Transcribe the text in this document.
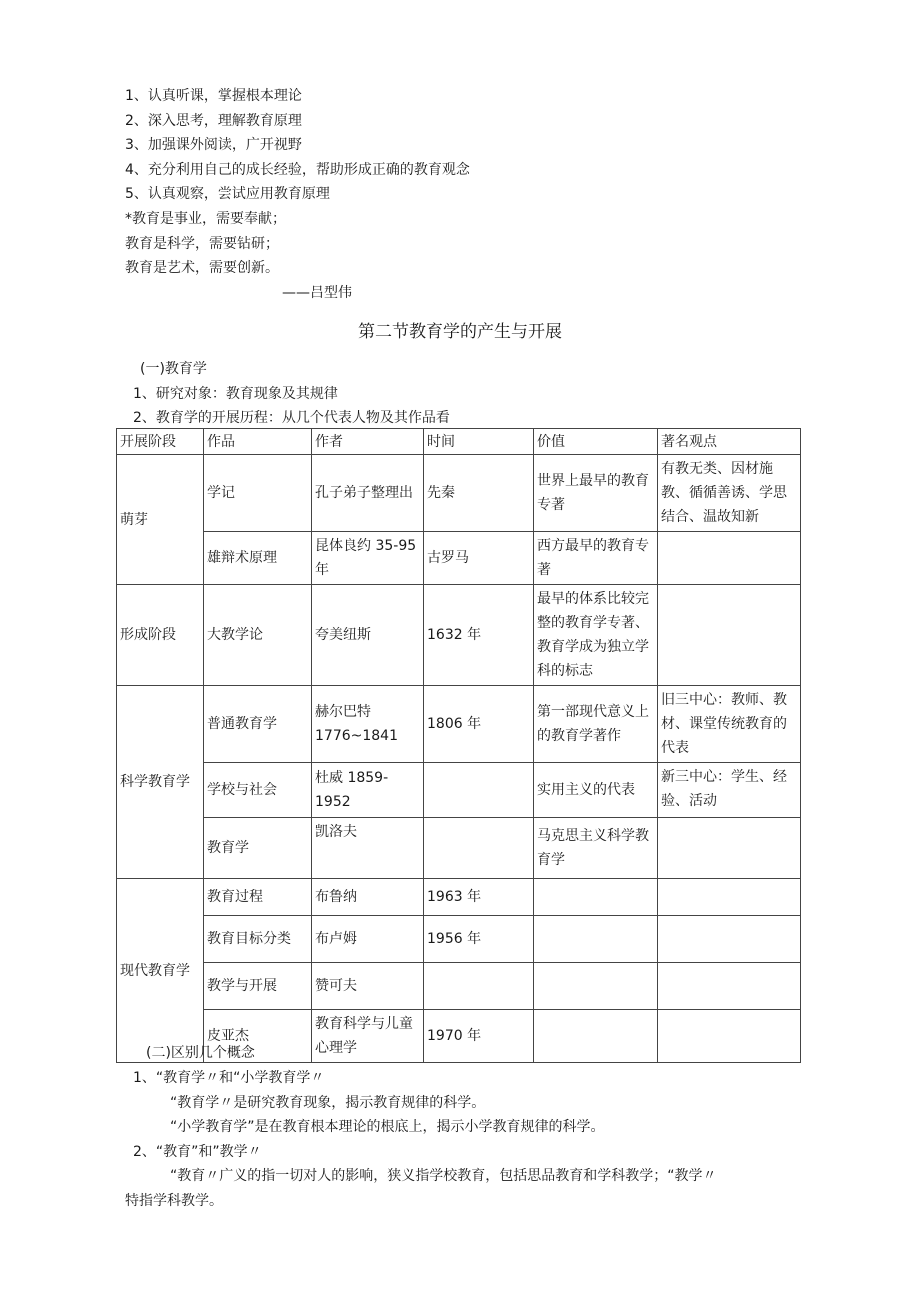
1、认真听课，掌握根本理论
2、深入思考，理解教育原理
3、加强课外阅读，广开视野
4、充分利用自己的成长经验，帮助形成正确的教育观念
5、认真观察，尝试应用教育原理
*教育是事业，需要奉献；
教育是科学，需要钻研；
教育是艺术，需要创新。
——吕型伟
第二节教育学的产生与开展
(一)教育学
1、研究对象：教育现象及其规律
2、教育学的开展历程：从几个代表人物及其作品看
开展阶段	作品	作者	时间	价值	著名观点
萌芽	学记	孔子弟子整理出	先秦	世界上最早的教育专著	有教无类、因材施教、循循善诱、学思结合、温故知新
	雄辩术原理	昆体良约 35-95 年	古罗马	西方最早的教育专著	
形成阶段	大教学论	夸美纽斯	1632 年	最早的体系比较完整的教育学专著、教育学成为独立学科的标志	
科学教育学	普通教育学	赫尔巴特 1776~1841	1806 年	第一部现代意义上的教育学著作	旧三中心：教师、教材、课堂传统教育的代表
	学校与社会	杜威 1859-1952		实用主义的代表	新三中心：学生、经验、活动
	教育学	凯洛夫		马克思主义科学教育学	
现代教育学	教育过程	布鲁纳	1963 年		
	教育目标分类	布卢姆	1956 年		
	教学与开展	赞可夫			
	皮亚杰	教育科学与儿童心理学	1970 年		
(二)区别几个概念
1、“教育学〃和“小学教育学〃
“教育学〃是研究教育现象，揭示教育规律的科学。
“小学教育学”是在教育根本理论的根底上，揭示小学教育规律的科学。
2、“教育”和”教学〃
“教育〃广义的指一切对人的影响，狭义指学校教育，包括思品教育和学科教学；“教学〃
特指学科教学。
